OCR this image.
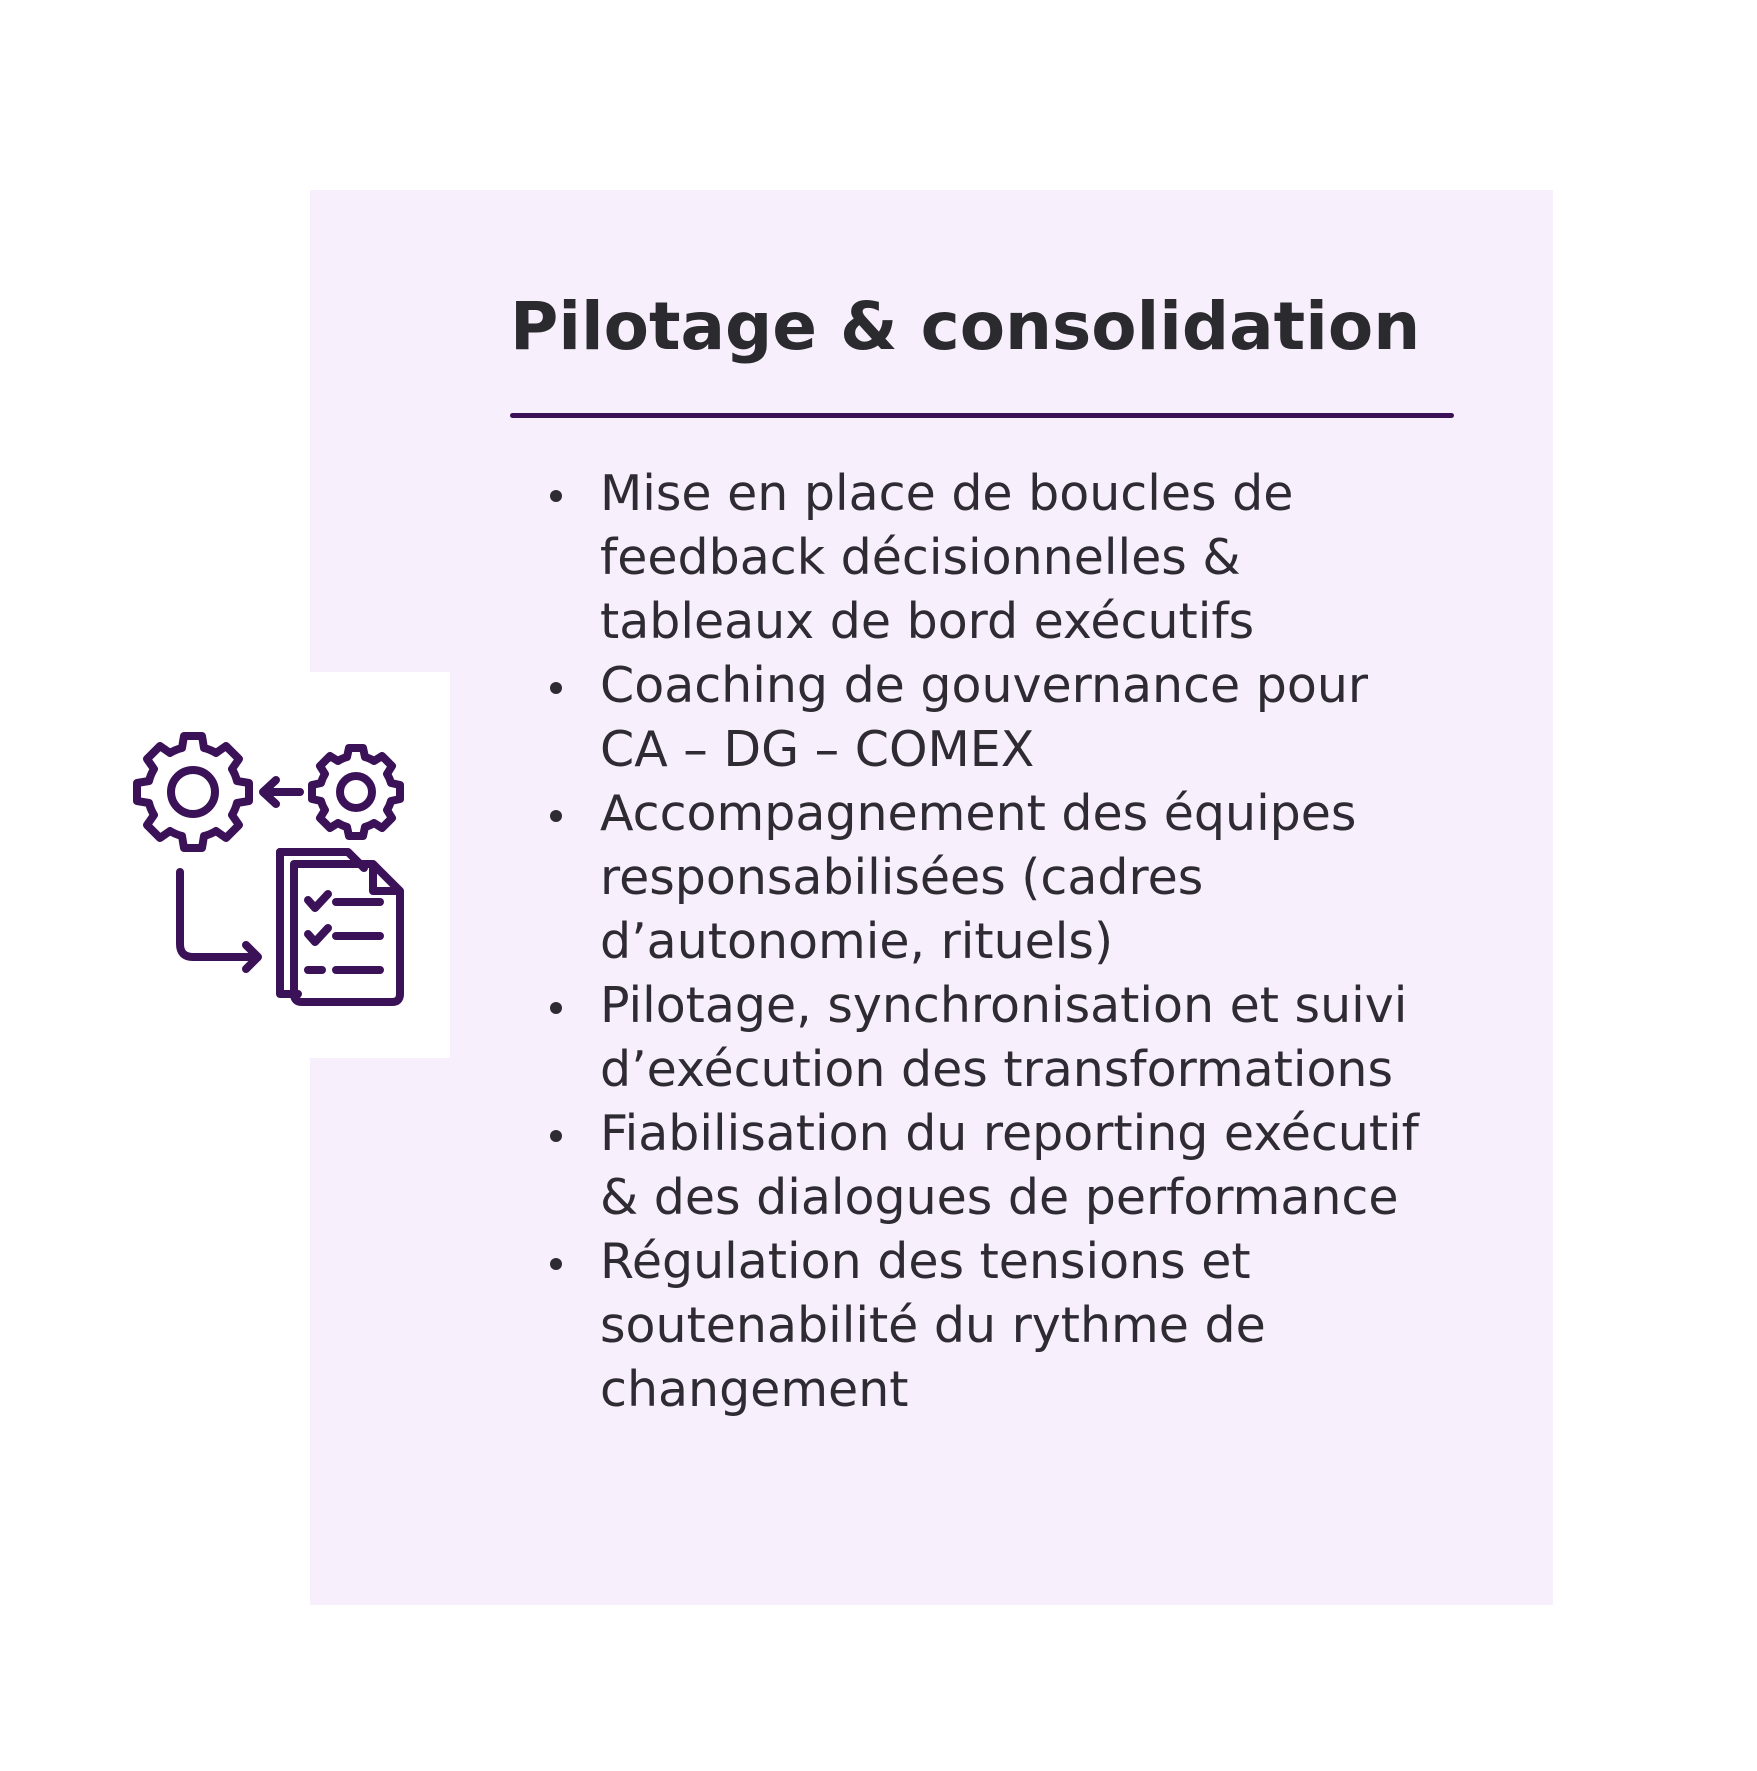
Pilotage & consolidation
Mise en place de boucles de
feedback décisionnelles &
tableaux de bord exécutifs
Coaching de gouvernance pour
CA – DG – COMEX
Accompagnement des équipes
responsabilisées (cadres
d’autonomie, rituels)
Pilotage, synchronisation et suivi
d’exécution des transformations
Fiabilisation du reporting exécutif
& des dialogues de performance
Régulation des tensions et
soutenabilité du rythme de
changement
